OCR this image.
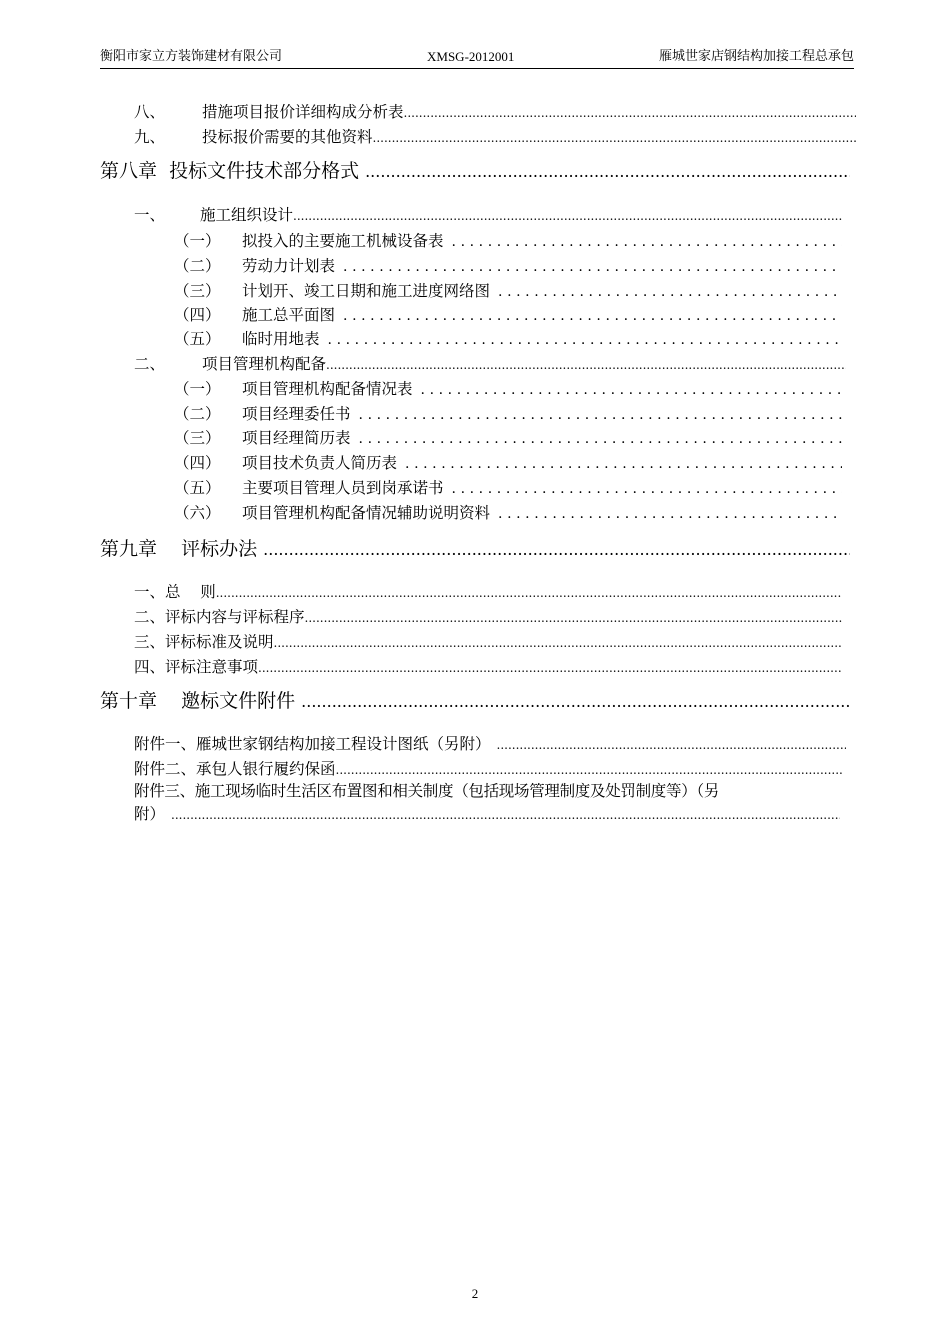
衡阳市家立方装饰建材有限公司	XMSG-2012001	雁城世家店钢结构加接工程总承包
八、	措施项目报价详细构成分析表
.....
九、	投标报价需要的其他资料
.....
第八章  投标文件技术部分格式
.....
一、	施工组织设计
.....
（一）	拟投入的主要施工机械设备表
.....
（二）	劳动力计划表
.....
（三）	计划开、竣工日期和施工进度网络图
.....
（四）	施工总平面图
.....
（五）	临时用地表
.....
二、	项目管理机构配备
.....
（一）	项目管理机构配备情况表
.....
（二）	项目经理委任书
.....
（三）	项目经理简历表
.....
（四）	项目技术负责人简历表
.....
（五）	主要项目管理人员到岗承诺书
.....
（六）	项目管理机构配备情况辅助说明资料
.....
第九章    评标办法
.....
一、总    则
.....
二、评标内容与评标程序
.....
三、评标标准及说明
.....
四、评标注意事项
.....
第十章    邀标文件附件
.....
附件一、雁城世家钢结构加接工程设计图纸（另附）
.....
附件二、承包人银行履约保函
.....
附件三、施工现场临时生活区布置图和相关制度（包括现场管理制度及处罚制度等）（另
附）
.....
2
